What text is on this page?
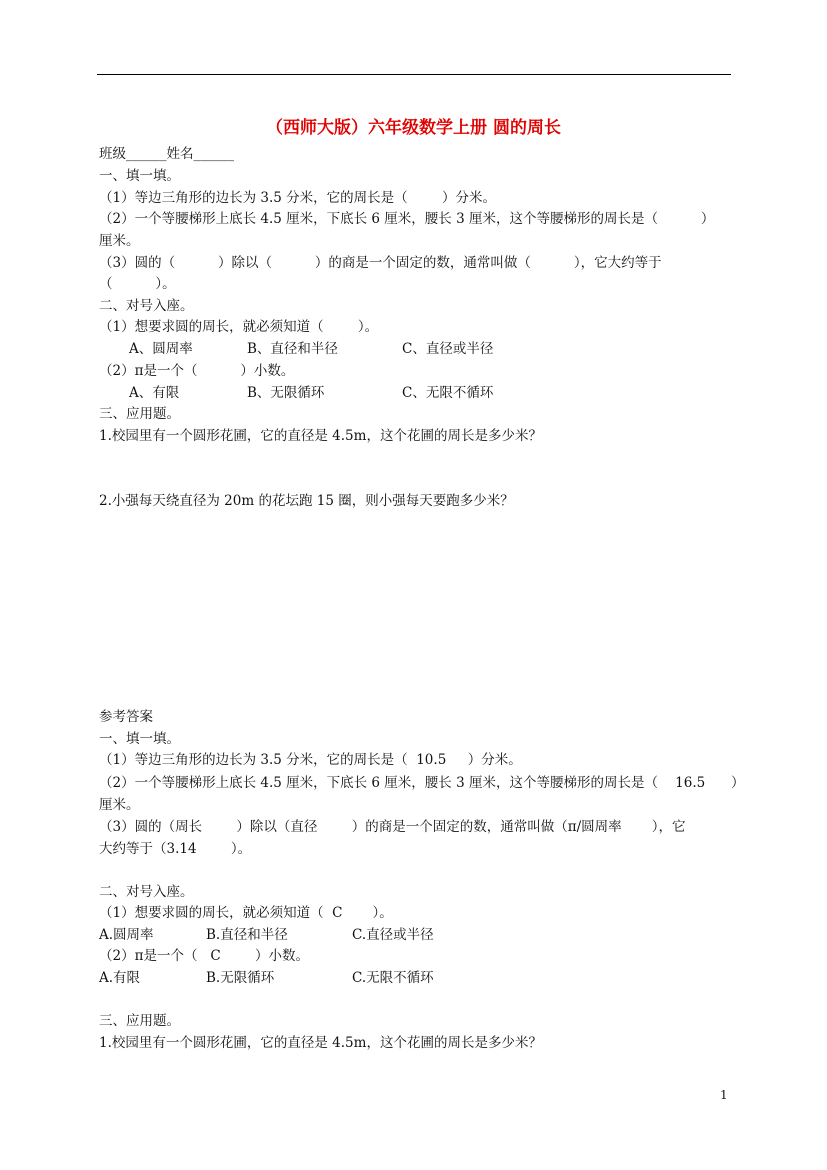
（西师大版）六年级数学上册 圆的周长
班级______姓名______
一、填一填。
（1）等边三角形的边长为 3.5 分米，它的周长是（        ）分米。
（2）一个等腰梯形上底长 4.5 厘米，下底长 6 厘米，腰长 3 厘米，这个等腰梯形的周长是（          ）
厘米。
（3）圆的（          ）除以（          ）的商是一个固定的数，通常叫做（          ），它大约等于
（          ）。
二、对号入座。
（1）想要求圆的周长，就必须知道（        ）。
A、圆周率	B、直径和半径	C、直径或半径
（2）π是一个（          ）小数。
A、有限	B、无限循环	C、无限不循环
三、应用题。
1.校园里有一个圆形花圃，它的直径是 4.5m，这个花圃的周长是多少米？
2.小强每天绕直径为 20m 的花坛跑 15 圈，则小强每天要跑多少米？
参考答案
一、填一填。
（1）等边三角形的边长为 3.5 分米，它的周长是（  10.5     ）分米。
（2）一个等腰梯形上底长 4.5 厘米，下底长 6 厘米，腰长 3 厘米，这个等腰梯形的周长是（    16.5      ）
厘米。
（3）圆的（周长        ）除以（直径        ）的商是一个固定的数，通常叫做（π/圆周率       ），它
大约等于（3.14        ）。
二、对号入座。
（1）想要求圆的周长，就必须知道（  C       ）。
A.圆周率	B.直径和半径	C.直径或半径
（2）π是一个（   C        ）小数。
A.有限	B.无限循环	C.无限不循环
三、应用题。
1.校园里有一个圆形花圃，它的直径是 4.5m，这个花圃的周长是多少米？
1
